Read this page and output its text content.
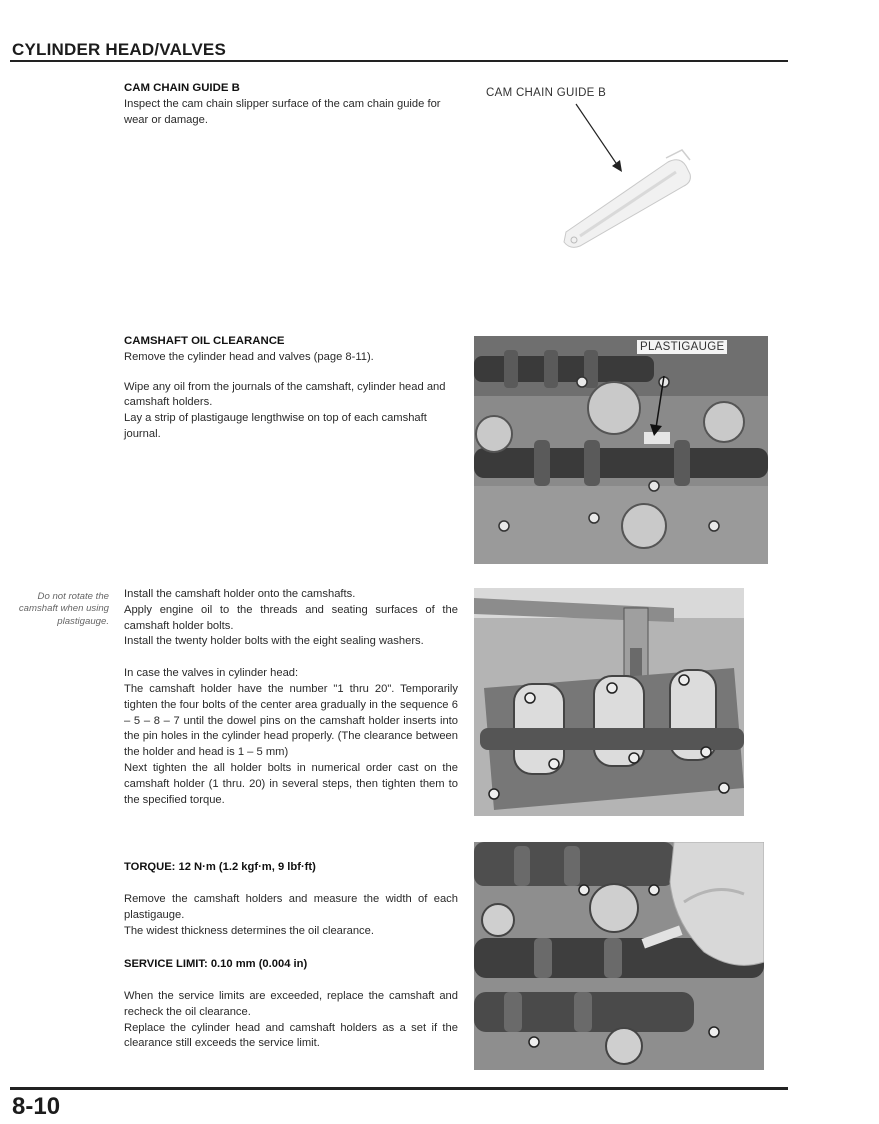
CYLINDER HEAD/VALVES

CAM CHAIN GUIDE B

Inspect the cam chain slipper surface of the cam chain guide for wear or damage.

CAM CHAIN GUIDE B

CAMSHAFT OIL CLEARANCE

Remove the cylinder head and valves (page 8-11).

Wipe any oil from the journals of the camshaft, cylinder head and camshaft holders.

Lay a strip of plastigauge lengthwise on top of each camshaft journal.

PLASTIGAUGE
Do not rotate the camshaft when using plastigauge.

Install the camshaft holder onto the camshafts.

Apply engine oil to the threads and seating surfaces of the camshaft holder bolts.

Install the twenty holder bolts with the eight sealing washers.

In case the valves in cylinder head:

The camshaft holder have the number "1 thru 20". Temporarily tighten the four bolts of the center area gradually in the sequence 6 – 5 – 8 – 7 until the dowel pins on the camshaft holder inserts into the pin holes in the cylinder head properly. (The clearance between the holder and head is 1 – 5 mm)

Next tighten the all holder bolts in numerical order cast on the camshaft holder (1 thru. 20) in several steps, then tighten them to the specified torque.

TORQUE: 12 N·m (1.2 kgf·m, 9 lbf·ft)

Remove the camshaft holders and measure the width of each plastigauge.

The widest thickness determines the oil clearance.

SERVICE LIMIT: 0.10 mm (0.004 in)

When the service limits are exceeded, replace the camshaft and recheck the oil clearance.

Replace the cylinder head and camshaft holders as a set if the clearance still exceeds the service limit.

8-10
